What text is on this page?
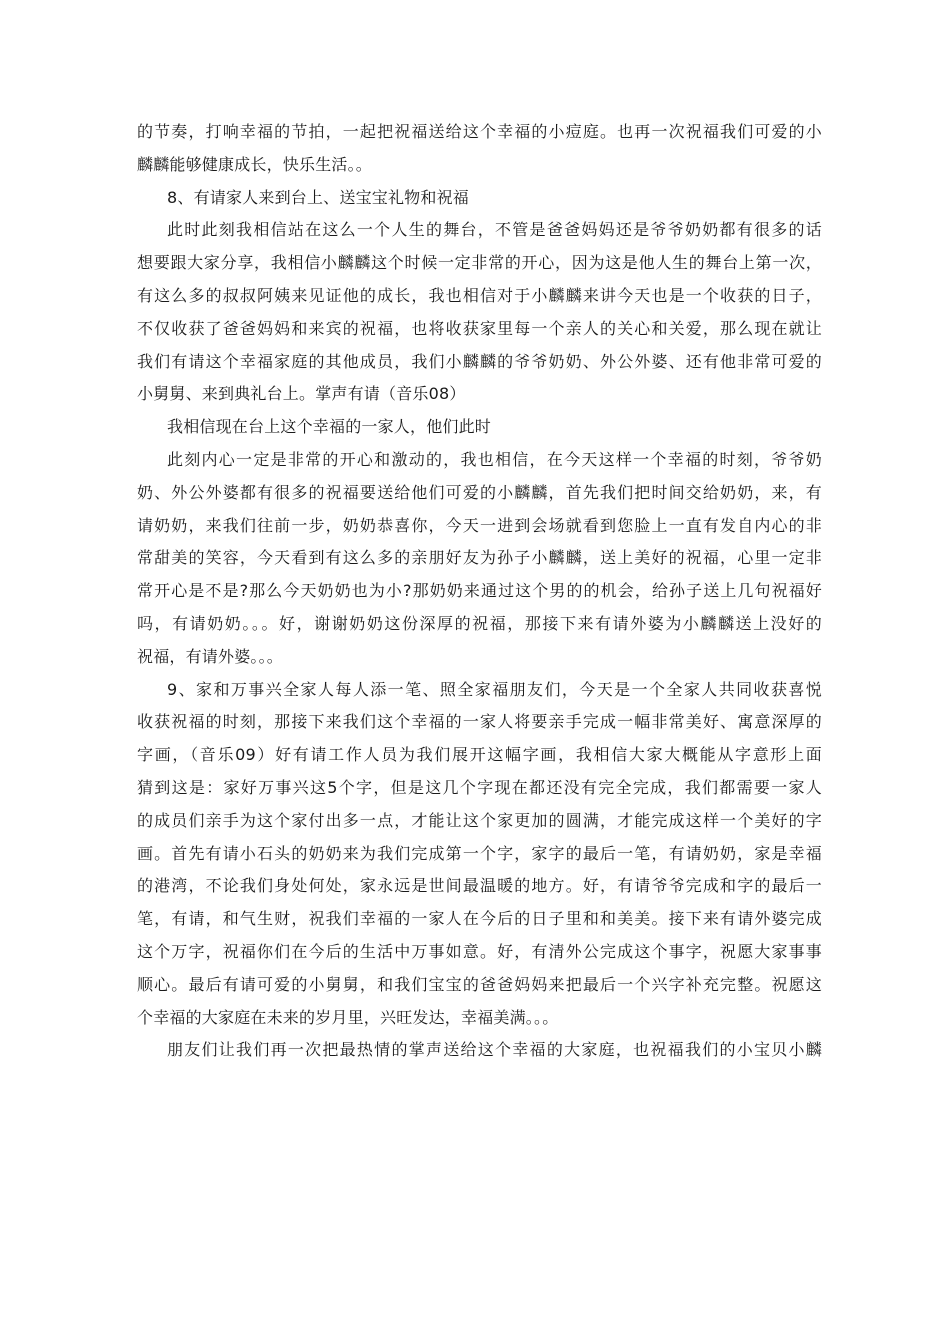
的节奏，打响幸福的节拍，一起把祝福送给这个幸福的小痘庭。也再一次祝福我们可爱的小
麟麟能够健康成长，快乐生活。。
8、有请家人来到台上、送宝宝礼物和祝福
此时此刻我相信站在这么一个人生的舞台，不管是爸爸妈妈还是爷爷奶奶都有很多的话
想要跟大家分享，我相信小麟麟这个时候一定非常的开心，因为这是他人生的舞台上第一次，
有这么多的叔叔阿姨来见证他的成长，我也相信对于小麟麟来讲今天也是一个收获的日子，
不仅收获了爸爸妈妈和来宾的祝福，也将收获家里每一个亲人的关心和关爱，那么现在就让
我们有请这个幸福家庭的其他成员，我们小麟麟的爷爷奶奶、外公外婆、还有他非常可爱的
小舅舅、来到典礼台上。掌声有请（音乐08）
我相信现在台上这个幸福的一家人，他们此时
此刻内心一定是非常的开心和激动的，我也相信，在今天这样一个幸福的时刻，爷爷奶
奶、外公外婆都有很多的祝福要送给他们可爱的小麟麟，首先我们把时间交给奶奶，来，有
请奶奶，来我们往前一步，奶奶恭喜你，今天一进到会场就看到您脸上一直有发自内心的非
常甜美的笑容，今天看到有这么多的亲朋好友为孙子小麟麟，送上美好的祝福，心里一定非
常开心是不是?那么今天奶奶也为小?那奶奶来通过这个男的的机会，给孙子送上几句祝福好
吗，有请奶奶。。。好，谢谢奶奶这份深厚的祝福，那接下来有请外婆为小麟麟送上没好的
祝福，有请外婆。。。
9、家和万事兴全家人每人添一笔、照全家福朋友们，今天是一个全家人共同收获喜悦
收获祝福的时刻，那接下来我们这个幸福的一家人将要亲手完成一幅非常美好、寓意深厚的
字画，（音乐09）好有请工作人员为我们展开这幅字画，我相信大家大概能从字意形上面
猜到这是：家好万事兴这5个字，但是这几个字现在都还没有完全完成，我们都需要一家人
的成员们亲手为这个家付出多一点，才能让这个家更加的圆满，才能完成这样一个美好的字
画。首先有请小石头的奶奶来为我们完成第一个字，家字的最后一笔，有请奶奶，家是幸福
的港湾，不论我们身处何处，家永远是世间最温暖的地方。好，有请爷爷完成和字的最后一
笔，有请，和气生财，祝我们幸福的一家人在今后的日子里和和美美。接下来有请外婆完成
这个万字，祝福你们在今后的生活中万事如意。好，有清外公完成这个事字，祝愿大家事事
顺心。最后有请可爱的小舅舅，和我们宝宝的爸爸妈妈来把最后一个兴字补充完整。祝愿这
个幸福的大家庭在未来的岁月里，兴旺发达，幸福美满。。。
朋友们让我们再一次把最热情的掌声送给这个幸福的大家庭，也祝福我们的小宝贝小麟
